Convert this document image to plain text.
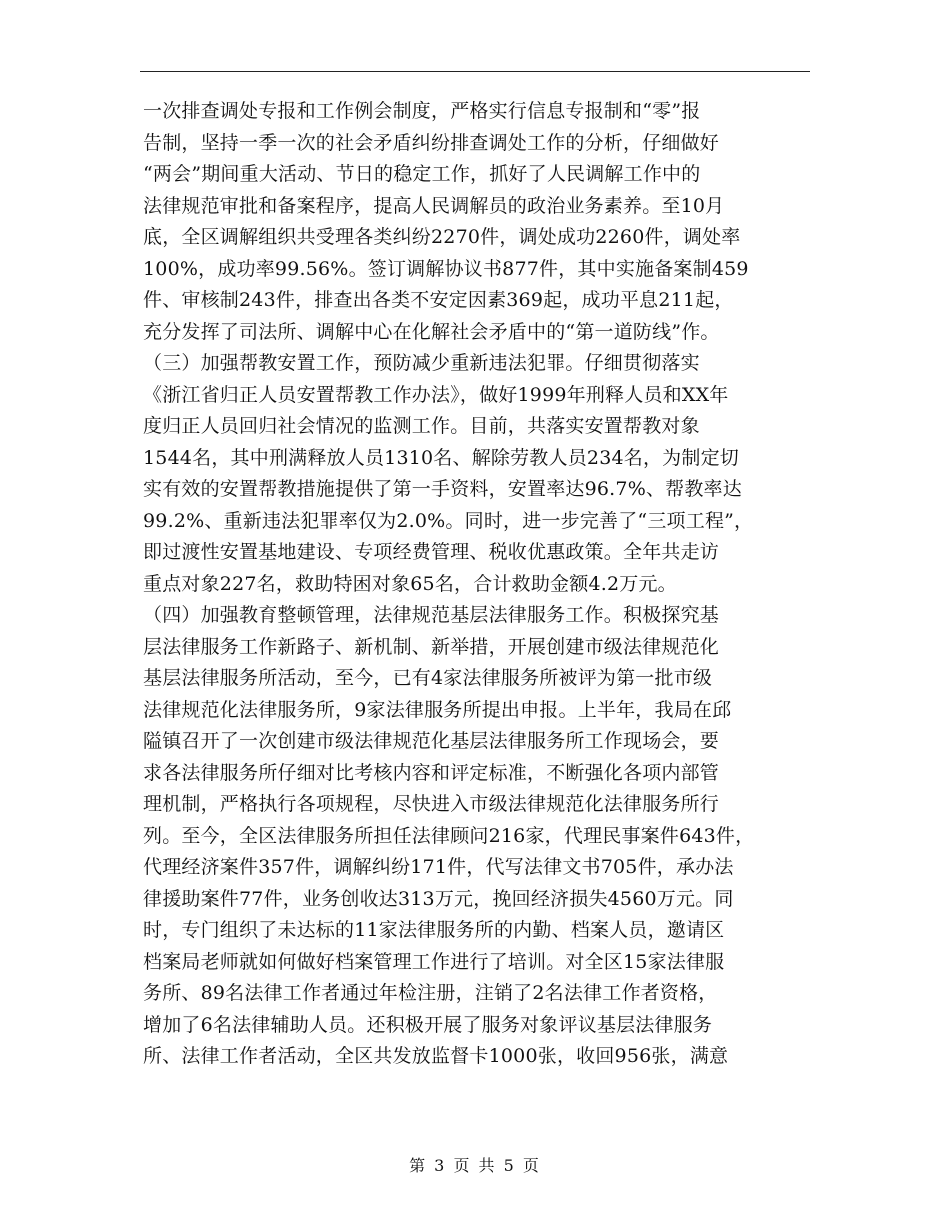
一次排查调处专报和工作例会制度，严格实行信息专报制和“零”报
告制，坚持一季一次的社会矛盾纠纷排查调处工作的分析，仔细做好
“两会”期间重大活动、节日的稳定工作，抓好了人民调解工作中的
法律规范审批和备案程序，提高人民调解员的政治业务素养。至10月
底，全区调解组织共受理各类纠纷2270件，调处成功2260件，调处率
100%，成功率99.56%。签订调解协议书877件，其中实施备案制459
件、审核制243件，排查出各类不安定因素369起，成功平息211起，
充分发挥了司法所、调解中心在化解社会矛盾中的“第一道防线”作。
（三）加强帮教安置工作，预防减少重新违法犯罪。仔细贯彻落实
《浙江省归正人员安置帮教工作办法》，做好1999年刑释人员和XX年
度归正人员回归社会情况的监测工作。目前，共落实安置帮教对象
1544名，其中刑满释放人员1310名、解除劳教人员234名，为制定切
实有效的安置帮教措施提供了第一手资料，安置率达96.7%、帮教率达
99.2%、重新违法犯罪率仅为2.0%。同时，进一步完善了“三项工程”，
即过渡性安置基地建设、专项经费管理、税收优惠政策。全年共走访
重点对象227名，救助特困对象65名，合计救助金额4.2万元。
（四）加强教育整顿管理，法律规范基层法律服务工作。积极探究基
层法律服务工作新路子、新机制、新举措，开展创建市级法律规范化
基层法律服务所活动，至今，已有4家法律服务所被评为第一批市级
法律规范化法律服务所，9家法律服务所提出申报。上半年，我局在邱
隘镇召开了一次创建市级法律规范化基层法律服务所工作现场会，要
求各法律服务所仔细对比考核内容和评定标准，不断强化各项内部管
理机制，严格执行各项规程，尽快进入市级法律规范化法律服务所行
列。至今，全区法律服务所担任法律顾问216家，代理民事案件643件，
代理经济案件357件，调解纠纷171件，代写法律文书705件，承办法
律援助案件77件，业务创收达313万元，挽回经济损失4560万元。同
时，专门组织了未达标的11家法律服务所的内勤、档案人员，邀请区
档案局老师就如何做好档案管理工作进行了培训。对全区15家法律服
务所、89名法律工作者通过年检注册，注销了2名法律工作者资格，
增加了6名法律辅助人员。还积极开展了服务对象评议基层法律服务
所、法律工作者活动，全区共发放监督卡1000张，收回956张，满意
第 3 页 共 5 页
